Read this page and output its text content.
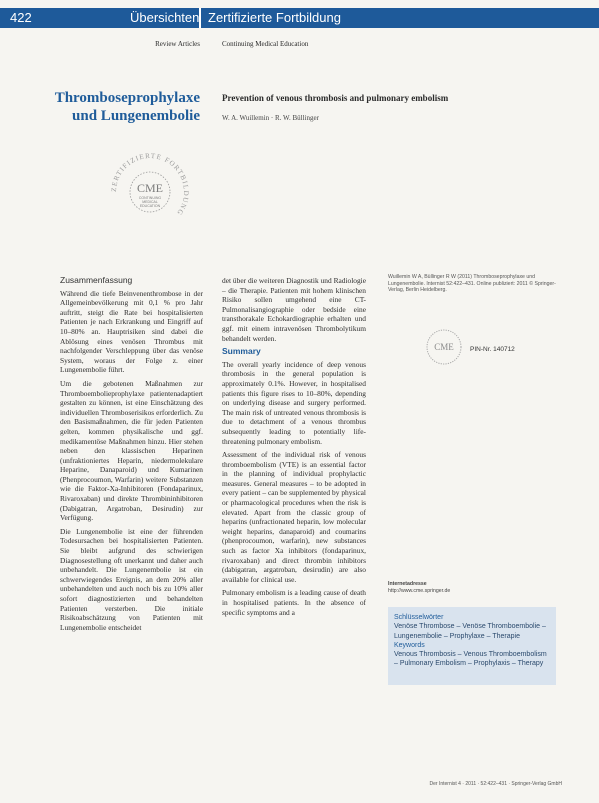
422	Übersichten Zertifizierte Fortbildung
Review Articles	Continuing Medical Education
Thromboseprophylaxe
und Lungenembolie
Prevention of venous thrombosis and pulmonary embolism
W. A. Wuillemin · R. W. Büllinger
ZERTIFIZIERTE FORTBILDUNG
CME
CONTINUING
MEDICAL
EDUCATION
Zusammenfassung

Während die tiefe Beinvenenthrombose in der Allgemeinbevölkerung mit 0,1 % pro Jahr auftritt, steigt die Rate bei hospitalisierten Patienten je nach Erkrankung und Eingriff auf 10–80% an. Hauptrisiken sind dabei die Ablösung eines venösen Thrombus mit nachfolgender Verschleppung über das venöse System, woraus der Folge z. einer Lungenembolie führt.

Um die gebotenen Maßnahmen zur Thromboembolieprophylaxe patientenadaptiert gestalten zu können, ist eine Einschätzung des individuellen Thromboserisikos erforderlich. Zu den Basismaßnahmen, die für jeden Patienten gelten, kommen physikalische und ggf. medikamentöse Maßnahmen hinzu. Hier stehen neben den klassischen Heparinen (unfraktioniertes Heparin, niedermolekulare Heparine, Danaparoid) und Kumarinen (Phenprocoumon, Warfarin) weitere Substanzen wie die Faktor-Xa-Inhibitoren (Fondaparinux, Rivaroxaban) und direkte Thrombininhibitoren (Dabigatran, Argatroban, Desirudin) zur Verfügung.

Die Lungenembolie ist eine der führenden Todesursachen bei hospitalisierten Patienten. Sie bleibt aufgrund des schwierigen Diagnosestellung oft unerkannt und daher auch unbehandelt. Die Lungenembolie ist ein schwerwiegendes Ereignis, an dem 20% aller unbehandelten und auch noch bis zu 10% aller sofort diagnostizierten und behandelten Patienten versterben. Die initiale Risikoabschätzung von Patienten mit Lungenembolie entscheidet

det über die weiteren Diagnostik und Radiologie – die Therapie. Patienten mit hohem klinischen Risiko sollen umgehend eine CT-Pulmonalisangiographie oder bedside eine transthorakale Echokardiographie erhalten und ggf. mit einem intravenösen Thrombolytikum behandelt werden.

Summary

The overall yearly incidence of deep venous thrombosis in the general population is approximately 0.1%. However, in hospitalised patients this figure rises to 10–80%, depending on underlying disease and surgery performed. The main risk of untreated venous thrombosis is due to detachment of a venous thrombus subsequently leading to potentially life-threatening pulmonary embolism.

Assessment of the individual risk of venous thromboembolism (VTE) is an essential factor in the planning of individual prophylactic measures. General measures – to be adopted in every patient – can be supplemented by physical or pharmacological procedures when the risk is elevated. Apart from the classic group of heparins (unfractionated heparin, low molecular weight heparins, danaparoid) and coumarins (phenprocoumon, warfarin), new substances such as factor Xa inhibitors (fondaparinux, rivaroxaban) and direct thrombin inhibitors (dabigatran, argatroban, desirudin) are also available for clinical use.

Pulmonary embolism is a leading cause of death in hospitalised patients. In the absence of specific symptoms and a

Wuillemin W A, Büllinger R W (2011) Thromboseprophylaxe und Lungenembolie. Internist 52:422–431. Online publiziert: 2011 © Springer-Verlag, Berlin Heidelberg.
CME PIN-Nr. 140712
Internetadresse
http://www.cme.springer.de
Schlüsselwörter
Venöse Thrombose – Venöse Thromboembolie – Lungenembolie – Prophylaxe – Therapie
Keywords
Venous Thrombosis – Venous Thromboembolism – Pulmonary Embolism – Prophylaxis – Therapy
Der Internist 4 · 2011 · 52:422–431 · Springer-Verlag GmbH
